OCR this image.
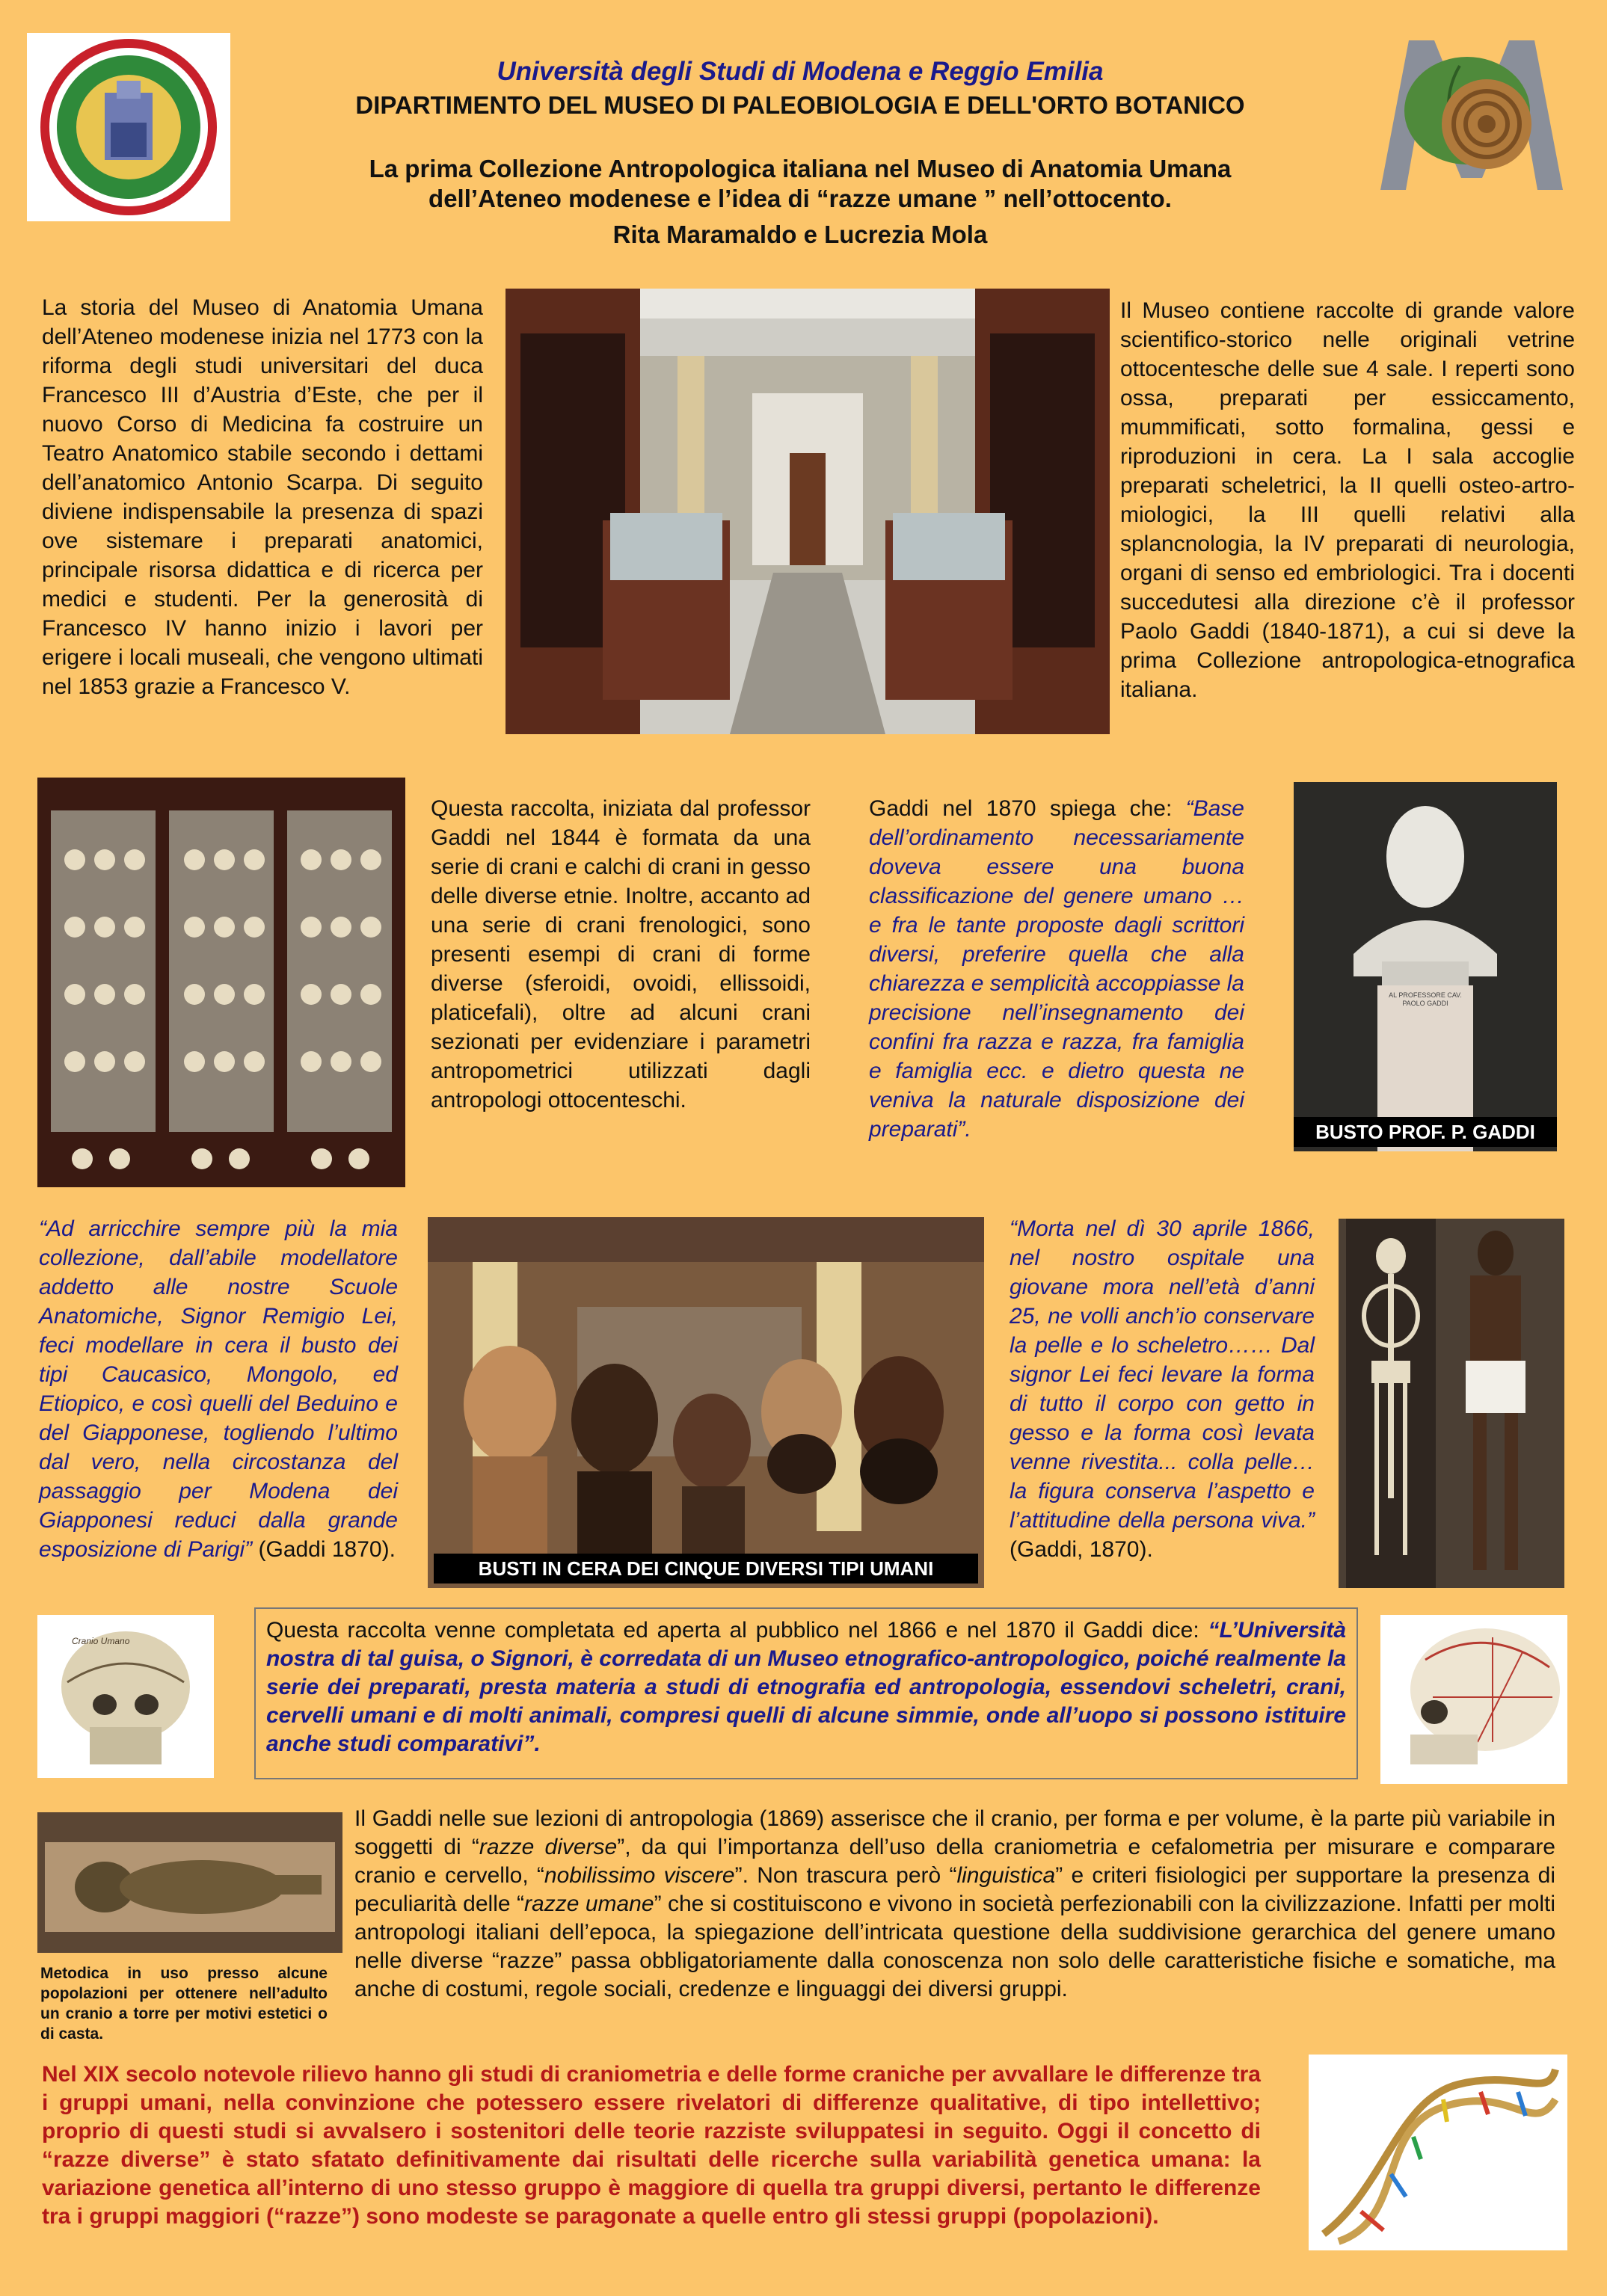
Università degli Studi di Modena e Reggio Emilia
DIPARTIMENTO DEL MUSEO DI PALEOBIOLOGIA E DELL'ORTO BOTANICO
La prima Collezione Antropologica italiana nel Museo di Anatomia Umana
dell’Ateneo modenese e l’idea di “razze umane ” nell’ottocento.
Rita Maramaldo e Lucrezia Mola
La storia del Museo di Anatomia Umana dell’Ateneo modenese inizia nel 1773 con la riforma degli studi universitari del duca Francesco III d’Austria d’Este, che per il nuovo Corso di Medicina fa costruire un Teatro Anatomico stabile secondo i dettami dell’anatomico Antonio Scarpa. Di seguito diviene indispensabile la presenza di spazi ove sistemare i preparati anatomici, principale risorsa didattica e di ricerca per medici e studenti. Per la generosità di Francesco IV hanno inizio i lavori per erigere i locali museali, che vengono ultimati nel 1853 grazie a Francesco V.
Il Museo contiene raccolte di grande valore scientifico-storico nelle originali vetrine ottocentesche delle sue 4 sale. I reperti sono ossa, preparati per essiccamento, mummificati, sotto formalina, gessi e riproduzioni in cera. La I sala accoglie preparati scheletrici, la II quelli osteo-artro-miologici, la III quelli relativi alla splancnologia, la IV preparati di neurologia, organi di senso ed embriologici. Tra i docenti succedutesi alla direzione c’è il professor Paolo Gaddi (1840-1871), a cui si deve la prima Collezione antropologica-etnografica italiana.
Questa raccolta, iniziata dal professor Gaddi nel 1844 è formata da una serie di crani e calchi di crani in gesso delle diverse etnie. Inoltre, accanto ad una serie di crani frenologici, sono presenti esempi di crani di forme diverse (sferoidi, ovoidi, ellissoidi, platicefali), oltre ad alcuni crani sezionati per evidenziare i parametri antropometrici utilizzati dagli antropologi ottocenteschi.
Gaddi nel 1870 spiega che: “Base dell’ordinamento necessariamente doveva essere una buona classificazione del genere umano … e fra le tante proposte dagli scrittori diversi, preferire quella che alla chiarezza e semplicità accoppiasse la precisione nell’insegnamento dei confini fra razza e razza, fra famiglia e famiglia ecc. e dietro questa ne veniva la naturale disposizione dei preparati”.
AL PROFESSORE CAV. PAOLO GADDI
BUSTO PROF. P. GADDI
“Ad arricchire sempre più la mia collezione, dall’abile modellatore addetto alle nostre Scuole Anatomiche, Signor Remigio Lei, feci modellare in cera il busto dei tipi Caucasico, Mongolo, ed Etiopico, e così quelli del Beduino e del Giapponese, togliendo l’ultimo dal vero, nella circostanza del passaggio per Modena dei Giapponesi reduci dalla grande esposizione di Parigi” (Gaddi 1870).
BUSTI IN CERA DEI CINQUE DIVERSI TIPI UMANI
“Morta nel dì 30 aprile 1866, nel nostro ospitale una giovane mora nell’età d’anni 25, ne volli anch’io conservare la pelle e lo scheletro…… Dal signor Lei feci levare la forma di tutto il corpo con getto in gesso e la forma così levata venne rivestita... colla pelle… la figura conserva l’aspetto e l’attitudine della persona viva.” (Gaddi, 1870).
Cranio Umano	Questa raccolta venne completata ed aperta al pubblico nel 1866 e nel 1870 il Gaddi dice: “L’Università nostra di tal guisa, o Signori, è corredata di un Museo etnografico-antropologico, poiché realmente la serie dei preparati, presta materia a studi di etnografia ed antropologia, essendovi scheletri, crani, cervelli umani e di molti animali, compresi quelli di alcune simmie, onde all’uopo si possono istituire anche studi comparativi”.
Il Gaddi nelle sue lezioni di antropologia (1869) asserisce che il cranio, per forma e per volume, è la parte più variabile in soggetti di “razze diverse”, da qui l’importanza dell’uso della craniometria e cefalometria per misurare e comparare cranio e cervello, “nobilissimo viscere”. Non trascura però “linguistica” e criteri fisiologici per supportare la presenza di peculiarità delle “razze umane” che si costituiscono e vivono in società perfezionabili con la civilizzazione. Infatti per molti antropologi italiani dell’epoca, la spiegazione dell’intricata questione della suddivisione gerarchica del genere umano nelle diverse “razze” passa obbligatoriamente dalla conoscenza non solo delle caratteristiche fisiche e somatiche, ma anche di costumi, regole sociali, credenze e linguaggi dei diversi gruppi.
Metodica in uso presso alcune popolazioni per ottenere nell’adulto un cranio a torre per motivi estetici o di casta.
Nel XIX secolo notevole rilievo hanno gli studi di craniometria e delle forme craniche per avvallare le differenze tra i gruppi umani, nella convinzione che potessero essere rivelatori di differenze qualitative, di tipo intellettivo; proprio di questi studi si avvalsero i sostenitori delle teorie razziste sviluppatesi in seguito. Oggi il concetto di “razze diverse” è stato sfatato definitivamente dai risultati delle ricerche sulla variabilità genetica umana: la variazione genetica all’interno di uno stesso gruppo è maggiore di quella tra gruppi diversi, pertanto le differenze tra i gruppi maggiori (“razze”) sono modeste se paragonate a quelle entro gli stessi gruppi (popolazioni).
